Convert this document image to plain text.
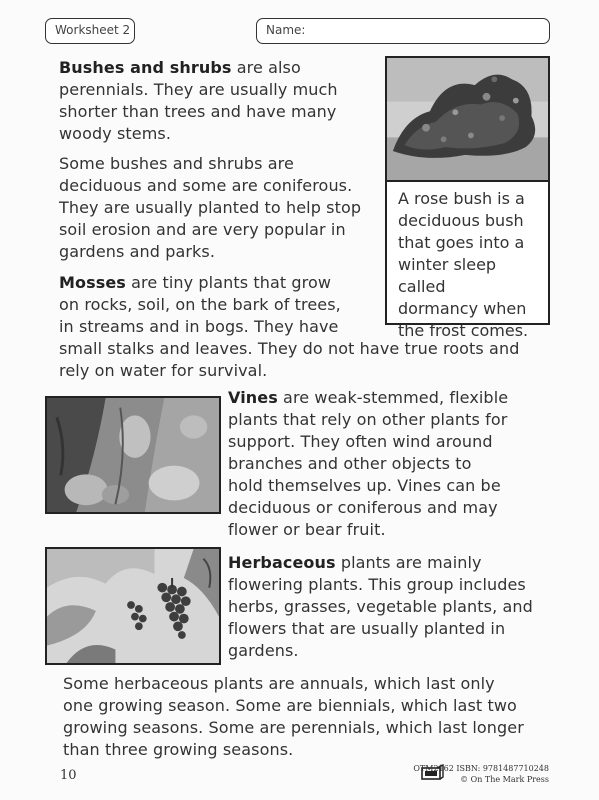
Worksheet 2	Name:
Bushes and shrubs are also
perennials. They are usually much
shorter than trees and have many
woody stems.
Some bushes and shrubs are
deciduous and some are coniferous.
They are usually planted to help stop
soil erosion and are very popular in
gardens and parks.
A rose bush is a
deciduous bush
that goes into a
winter sleep called
dormancy when
the frost comes.
Mosses are tiny plants that grow
on rocks, soil, on the bark of trees,
in streams and in bogs. They have
small stalks and leaves. They do not have true roots and
rely on water for survival.
Vines are weak-stemmed, flexible
plants that rely on other plants for
support. They often wind around
branches and other objects to
hold themselves up. Vines can be
deciduous or coniferous and may
flower or bear fruit.
Herbaceous plants are mainly
flowering plants. This group includes
herbs, grasses, vegetable plants, and
flowers that are usually planted in
gardens.
Some herbaceous plants are annuals, which last only
one growing season. Some are biennials, which last two
growing seasons. Some are perennials, which last longer
than three growing seasons.
10	OTM2162 ISBN: 9781487710248
© On The Mark Press
